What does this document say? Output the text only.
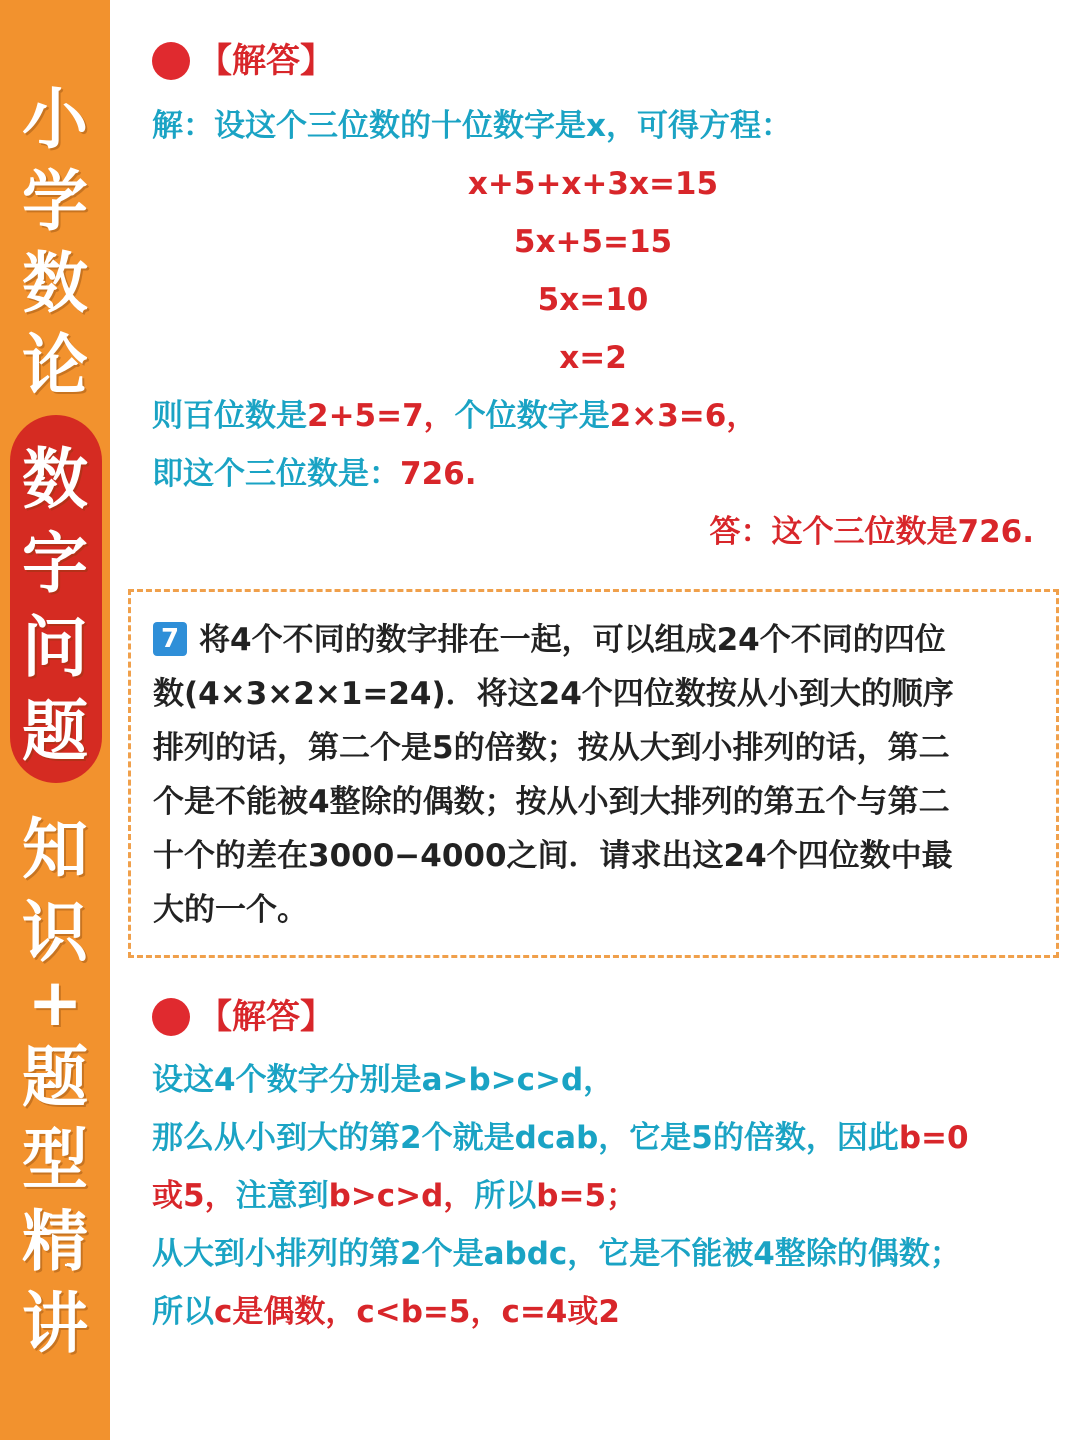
小
学
数
论
数
字
问
题
知
识
+
题
型
精
讲
【解答】
解：设这个三位数的十位数字是x，可得方程：
x+5+x+3x=15
5x+5=15
5x=10
x=2
则百位数是2+5=7，个位数字是2×3=6，
即这个三位数是：726.
答：这个三位数是726.
7 将4个不同的数字排在一起，可以组成24个不同的四位
数(4×3×2×1=24)．将这24个四位数按从小到大的顺序
排列的话，第二个是5的倍数；按从大到小排列的话，第二
个是不能被4整除的偶数；按从小到大排列的第五个与第二
十个的差在3000−4000之间．请求出这24个四位数中最
大的一个。
【解答】
设这4个数字分别是a>b>c>d，
那么从小到大的第2个就是dcab，它是5的倍数，因此b=0
或5，注意到b>c>d，所以b=5；
从大到小排列的第2个是abdc，它是不能被4整除的偶数；
所以c是偶数，c<b=5，c=4或2
